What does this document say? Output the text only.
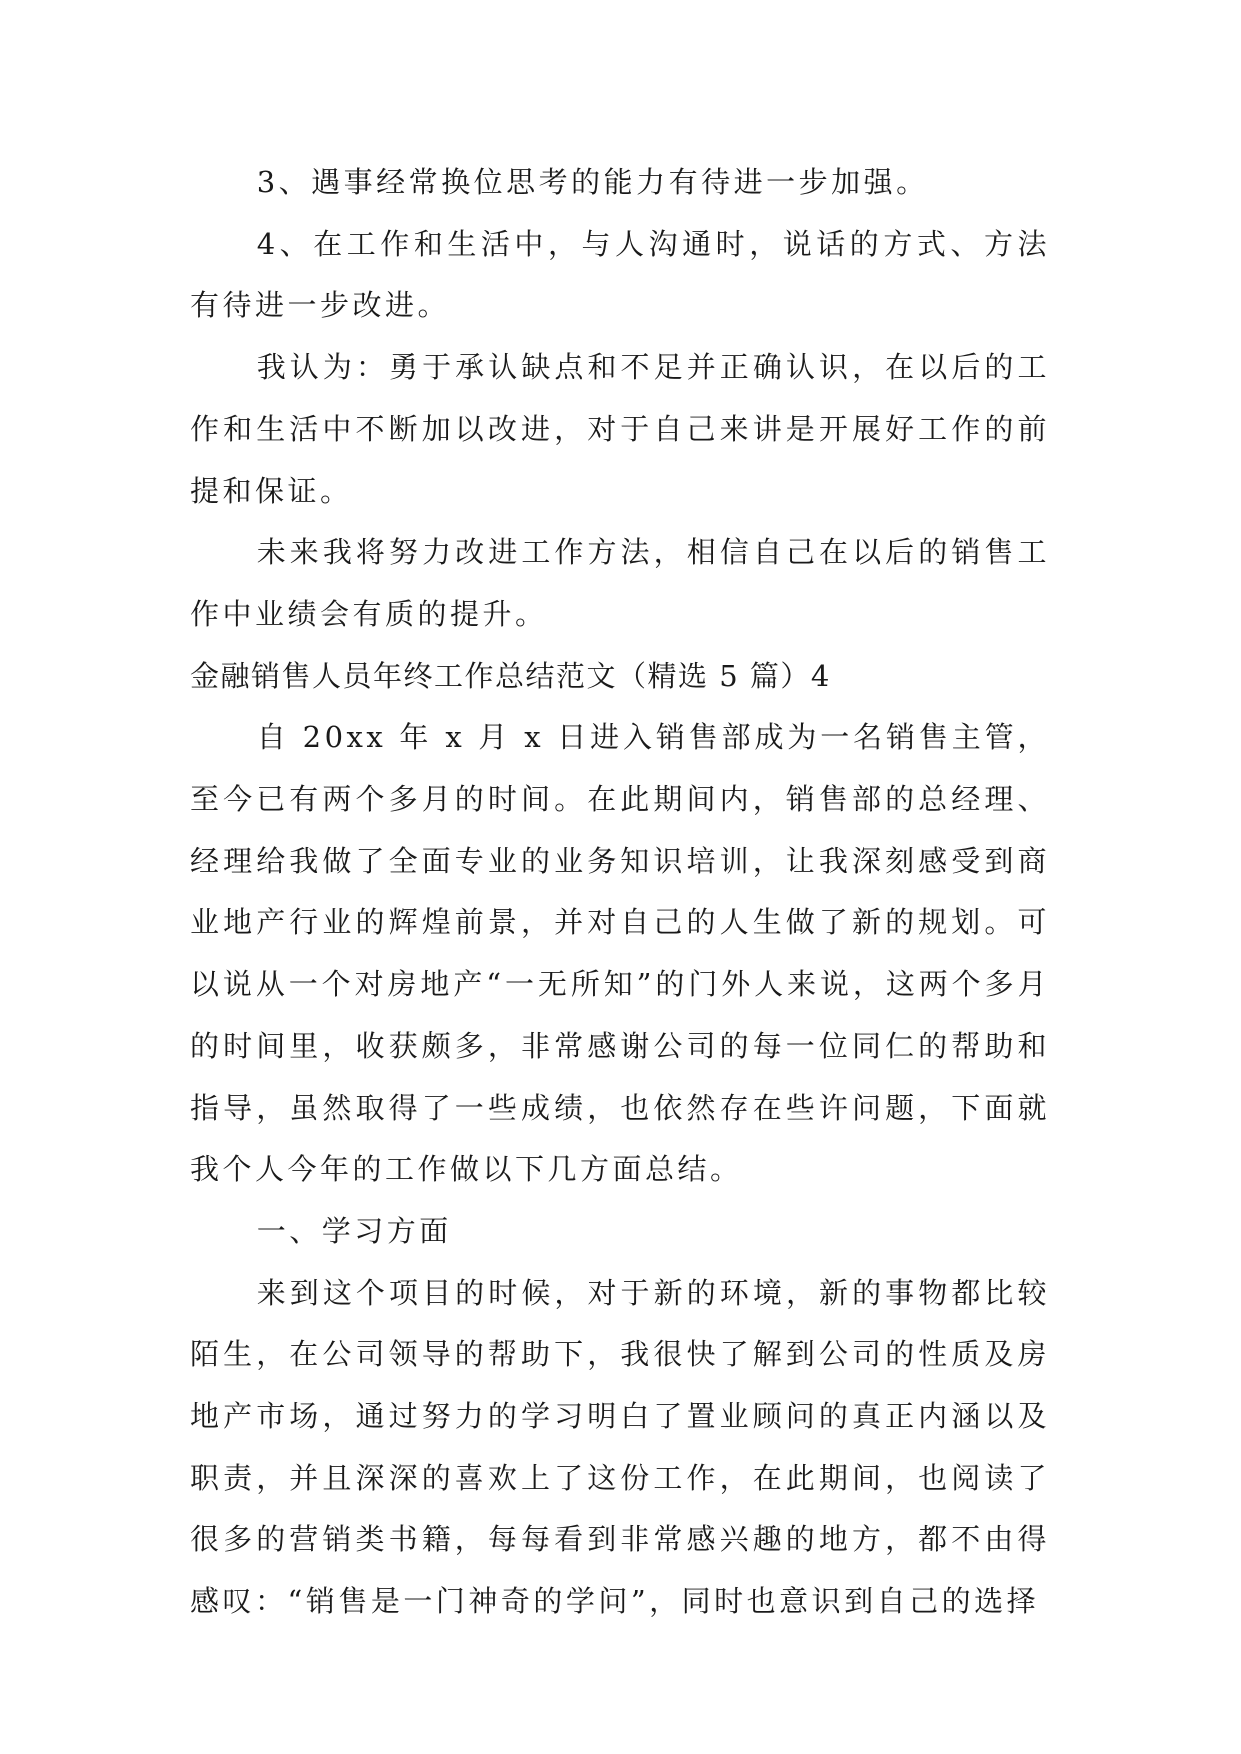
3、遇事经常换位思考的能力有待进一步加强。

4、在工作和生活中，与人沟通时，说话的方式、方法有待进一步改进。

我认为：勇于承认缺点和不足并正确认识，在以后的工作和生活中不断加以改进，对于自己来讲是开展好工作的前提和保证。

未来我将努力改进工作方法，相信自己在以后的销售工作中业绩会有质的提升。

金融销售人员年终工作总结范文（精选 5 篇）4

自 20xx 年 x 月 x 日进入销售部成为一名销售主管，至今已有两个多月的时间。在此期间内，销售部的总经理、经理给我做了全面专业的业务知识培训，让我深刻感受到商业地产行业的辉煌前景，并对自己的人生做了新的规划。可以说从一个对房地产“一无所知”的门外人来说，这两个多月的时间里，收获颇多，非常感谢公司的每一位同仁的帮助和指导，虽然取得了一些成绩，也依然存在些许问题，下面就我个人今年的工作做以下几方面总结。

一、学习方面

来到这个项目的时候，对于新的环境，新的事物都比较陌生，在公司领导的帮助下，我很快了解到公司的性质及房地产市场，通过努力的学习明白了置业顾问的真正内涵以及职责，并且深深的喜欢上了这份工作，在此期间，也阅读了很多的营销类书籍，每每看到非常感兴趣的地方，都不由得感叹：“销售是一门神奇的学问”，同时也意识到自己的选择
